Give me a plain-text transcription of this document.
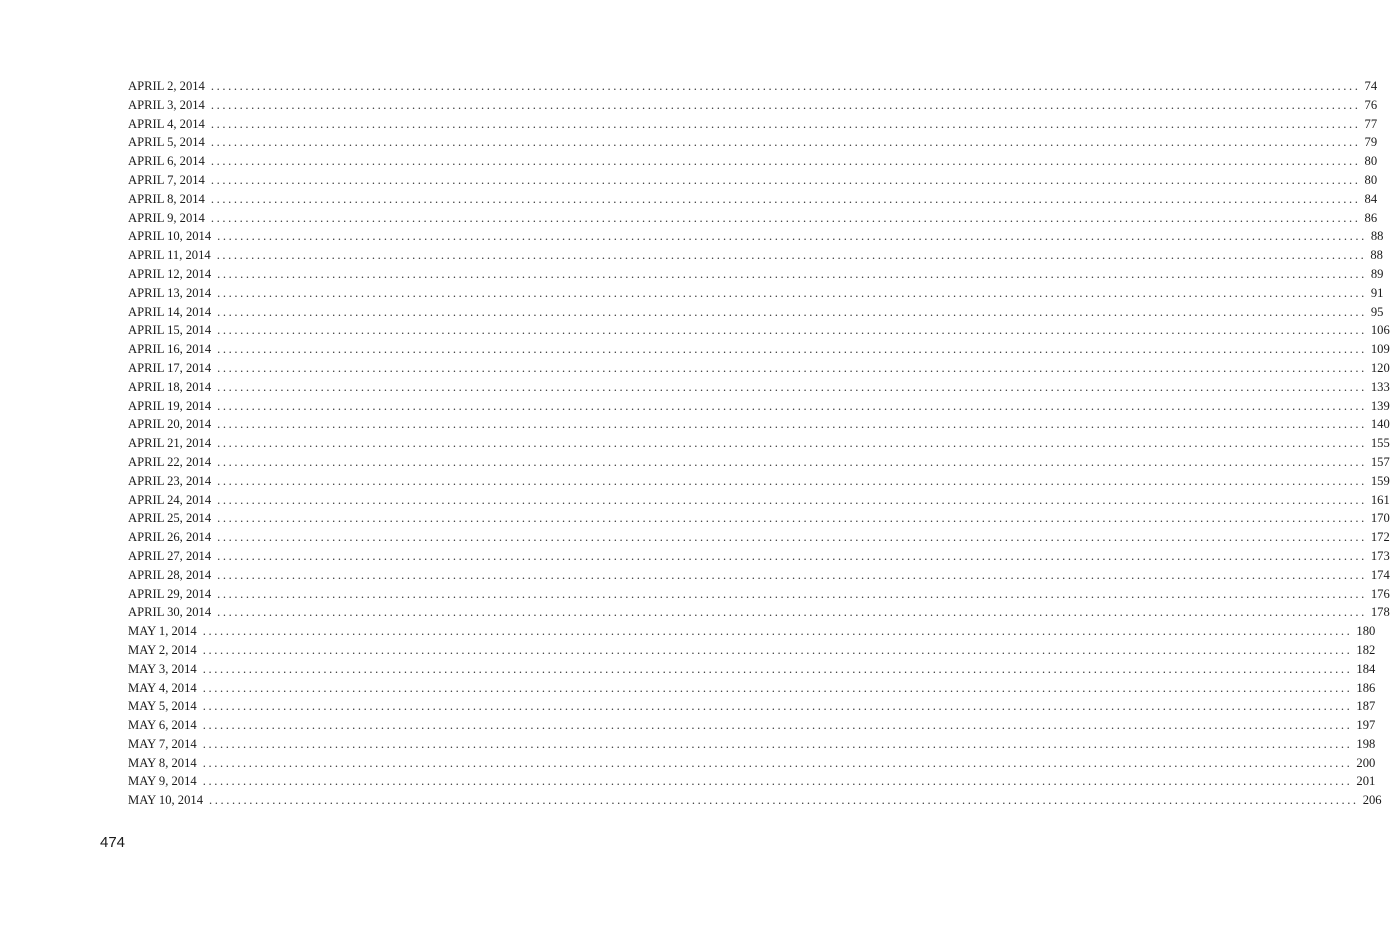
APRIL 2, 2014 ........................................................................................................................................................................................................ 74
APRIL 3, 2014 ........................................................................................................................................................................................................ 76
APRIL 4, 2014 ........................................................................................................................................................................................................ 77
APRIL 5, 2014 ........................................................................................................................................................................................................ 79
APRIL 6, 2014 ........................................................................................................................................................................................................ 80
APRIL 7, 2014 ........................................................................................................................................................................................................ 80
APRIL 8, 2014 ........................................................................................................................................................................................................ 84
APRIL 9, 2014 ........................................................................................................................................................................................................ 86
APRIL 10, 2014 ........................................................................................................................................................................................................ 88
APRIL 11, 2014 ........................................................................................................................................................................................................ 88
APRIL 12, 2014 ........................................................................................................................................................................................................ 89
APRIL 13, 2014 ........................................................................................................................................................................................................ 91
APRIL 14, 2014 ........................................................................................................................................................................................................ 95
APRIL 15, 2014 ........................................................................................................................................................................................................ 106
APRIL 16, 2014 ........................................................................................................................................................................................................ 109
APRIL 17, 2014 ........................................................................................................................................................................................................ 120
APRIL 18, 2014 ........................................................................................................................................................................................................ 133
APRIL 19, 2014 ........................................................................................................................................................................................................ 139
APRIL 20, 2014 ........................................................................................................................................................................................................ 140
APRIL 21, 2014 ........................................................................................................................................................................................................ 155
APRIL 22, 2014 ........................................................................................................................................................................................................ 157
APRIL 23, 2014 ........................................................................................................................................................................................................ 159
APRIL 24, 2014 ........................................................................................................................................................................................................ 161
APRIL 25, 2014 ........................................................................................................................................................................................................ 170
APRIL 26, 2014 ........................................................................................................................................................................................................ 172
APRIL 27, 2014 ........................................................................................................................................................................................................ 173
APRIL 28, 2014 ........................................................................................................................................................................................................ 174
APRIL 29, 2014 ........................................................................................................................................................................................................ 176
APRIL 30, 2014 ........................................................................................................................................................................................................ 178
MAY 1, 2014 ........................................................................................................................................................................................................ 180
MAY 2, 2014 ........................................................................................................................................................................................................ 182
MAY 3, 2014 ........................................................................................................................................................................................................ 184
MAY 4, 2014 ........................................................................................................................................................................................................ 186
MAY 5, 2014 ........................................................................................................................................................................................................ 187
MAY 6, 2014 ........................................................................................................................................................................................................ 197
MAY 7, 2014 ........................................................................................................................................................................................................ 198
MAY 8, 2014 ........................................................................................................................................................................................................ 200
MAY 9, 2014 ........................................................................................................................................................................................................ 201
MAY 10, 2014 ........................................................................................................................................................................................................ 206
474
